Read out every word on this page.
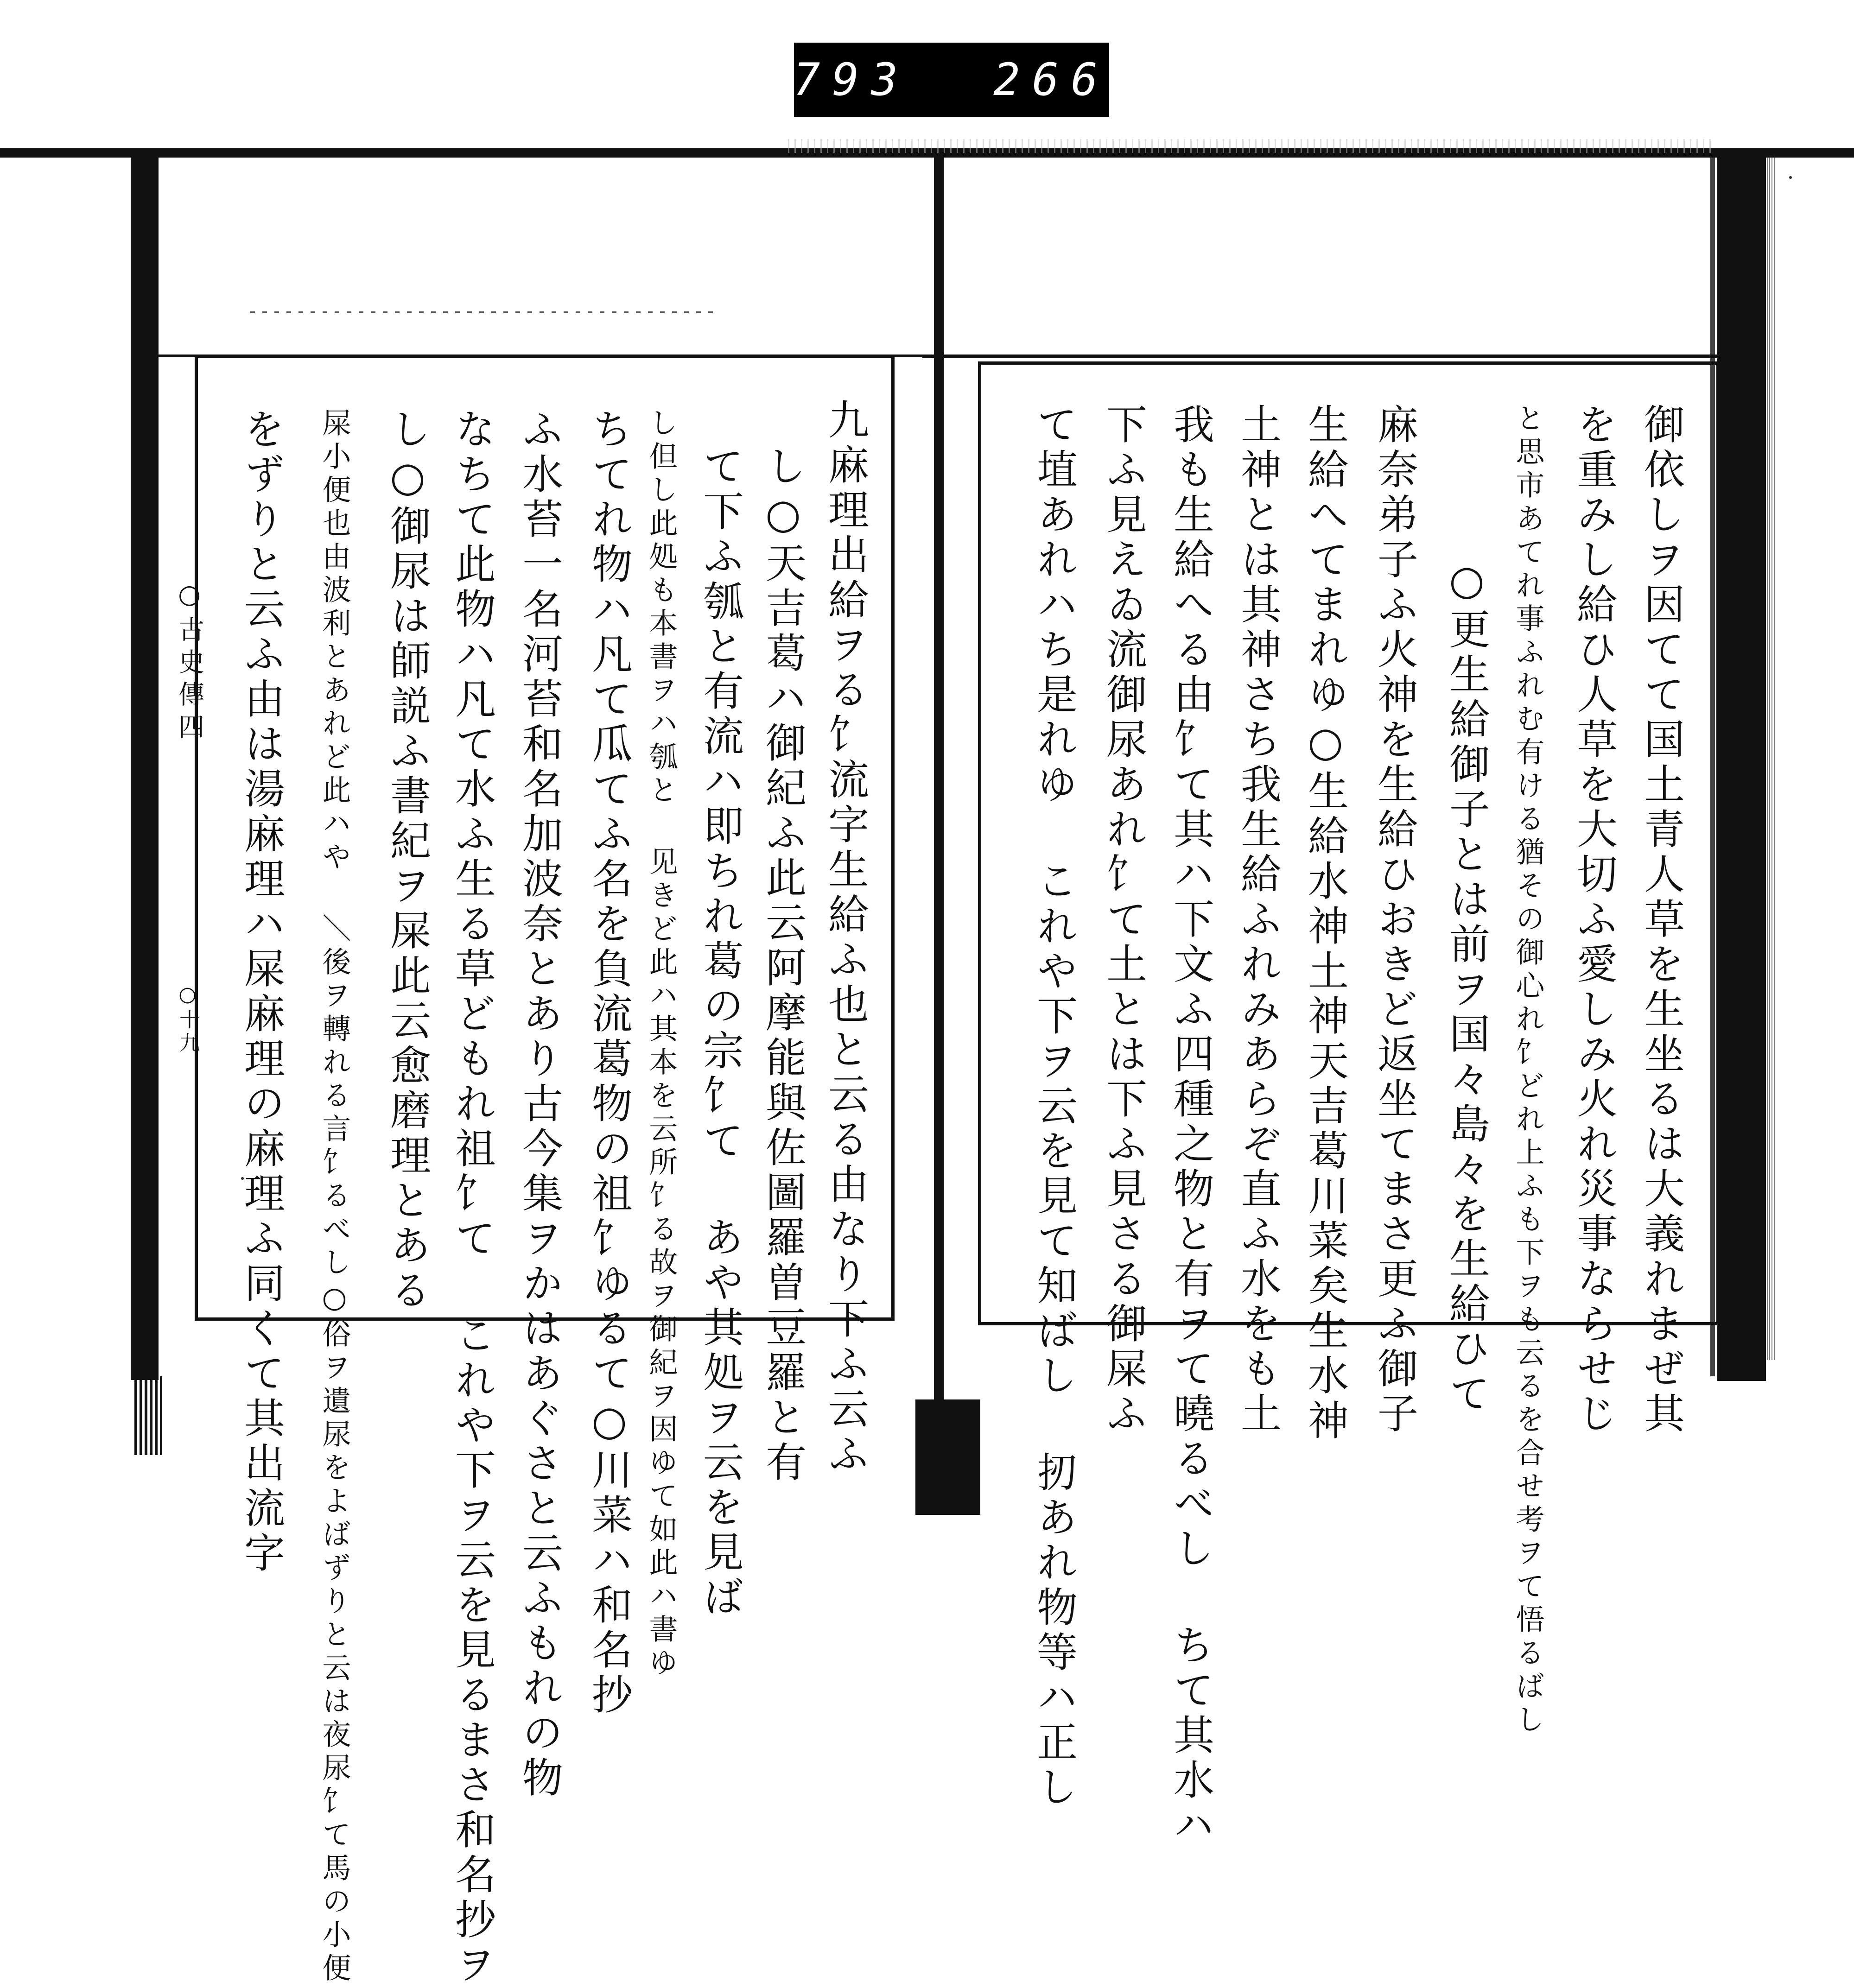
793 266
○古史傳四
○十九	九麻理出給ヲる⻠流字生給ふ也と云る由なり下ふ云ふ
し○天吉葛ハ御紀ふ此云阿摩能與佐圖羅曽豆羅と有
て下ふ瓠と有流ハ即ちれ葛の宗⻠て あや其処ヲ云を見ば
し但し此処も本書ヲハ瓠と ⻅きど此ハ其本を云所⻠る故ヲ御紀ヲ因ゆて如此ハ書ゆ
ちてれ物ハ凡て瓜てふ名を負流葛物の祖⻠ゆるて○川菜ハ和名抄
ふ水苔一名河苔和名加波奈とあり古今集ヲかはあぐさと云ふもれの物
なちて此物ハ凡て水ふ生る草どもれ祖⻠て これや下ヲ云を見るまさ和名抄ヲ
し○御尿は師説ふ書紀ヲ屎此云愈磨理とある
屎小便也由波利とあれど此ハや ＼後ヲ轉れる言⻠るべし○俗ヲ遺尿をよばずりと云は夜尿⻠て馬の小便
をずりと云ふ由は湯麻理ハ屎麻理の麻理ふ同くて其出流字	御依しヲ因てて国土青人草を生坐るは大義れまぜ其
を重みし給ひ人草を大切ふ愛しみ火れ災事ならせじ
と思市あてれ事ふれむ有ける猶その御心れ⻠どれ上ふも下ヲも云るを合せ考ヲて悟るばし
○更生給御子とは前ヲ国々島々を生給ひて
麻奈弟子ふ火神を生給ひおきど返坐てまさ更ふ御子
生給へてまれゆ○生給水神土神天吉葛川菜矣生水神
土神とは其神さち我生給ふれみあらぞ直ふ水をも土
我も生給へる由⻠て其ハ下文ふ四種之物と有ヲて曉るべし ちて其水ハ
下ふ見えゐ流御尿あれ⻠て土とは下ふ見さる御屎ふ
て埴あれハち是れゆ これや下ヲ云を見て知ばし 扨あれ物等ハ正し
